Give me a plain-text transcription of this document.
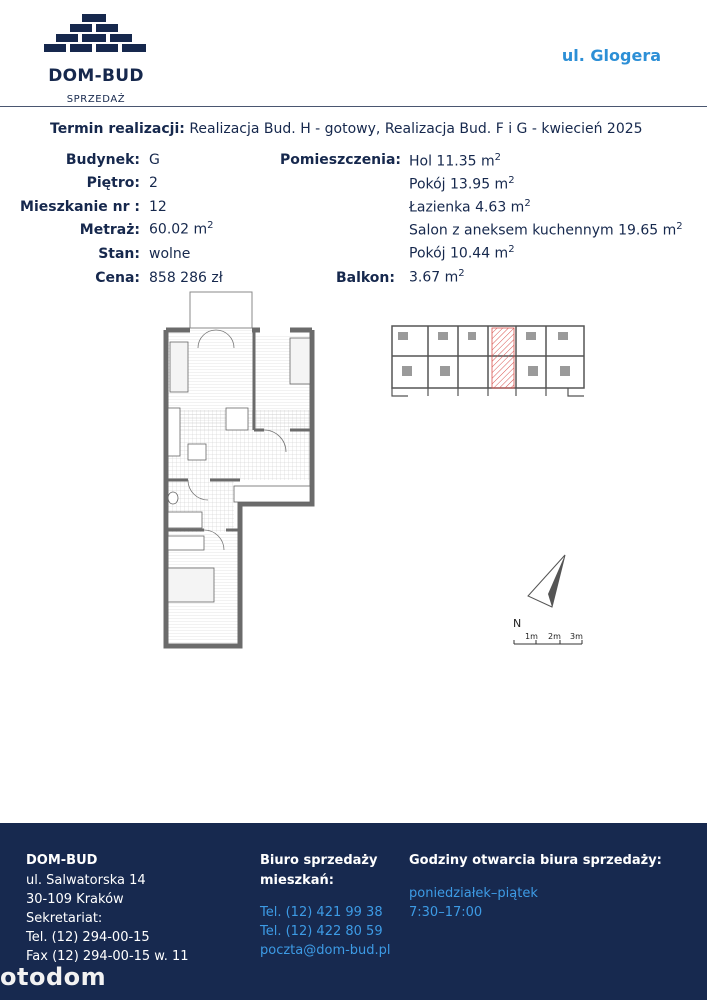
DOM-BUD
SPRZEDAŻ
ul. Glogera
Termin realizacji: Realizacja Bud. H - gotowy, Realizacja Bud. F i G - kwiecień 2025
Budynek: G
Piętro: 2
Mieszkanie nr : 12
Metraż: 60.02 $m^2$
Stan: wolne
Cena: 858 286 zł
Pomieszczenia: Hol 11.35 $m^2$
Pokój 13.95 $m^2$
Łazienka 4.63 $m^2$
Salon z aneksem kuchennym 19.65 $m^2$
Pokój 10.44 $m^2$
Balkon: 3.67 $m^2$
N
1m 2m 3m
DOM-BUD
ul. Salwatorska 14
30-109 Kraków
Sekretariat:
Tel. (12) 294-00-15
Fax (12) 294-00-15 w. 11
Biuro sprzedaży
mieszkań:
Tel. (12) 421 99 38
Tel. (12) 422 80 59
poczta@dom-bud.pl
Godziny otwarcia biura sprzedaży:
poniedziałek–piątek
7:30–17:00
otodom
